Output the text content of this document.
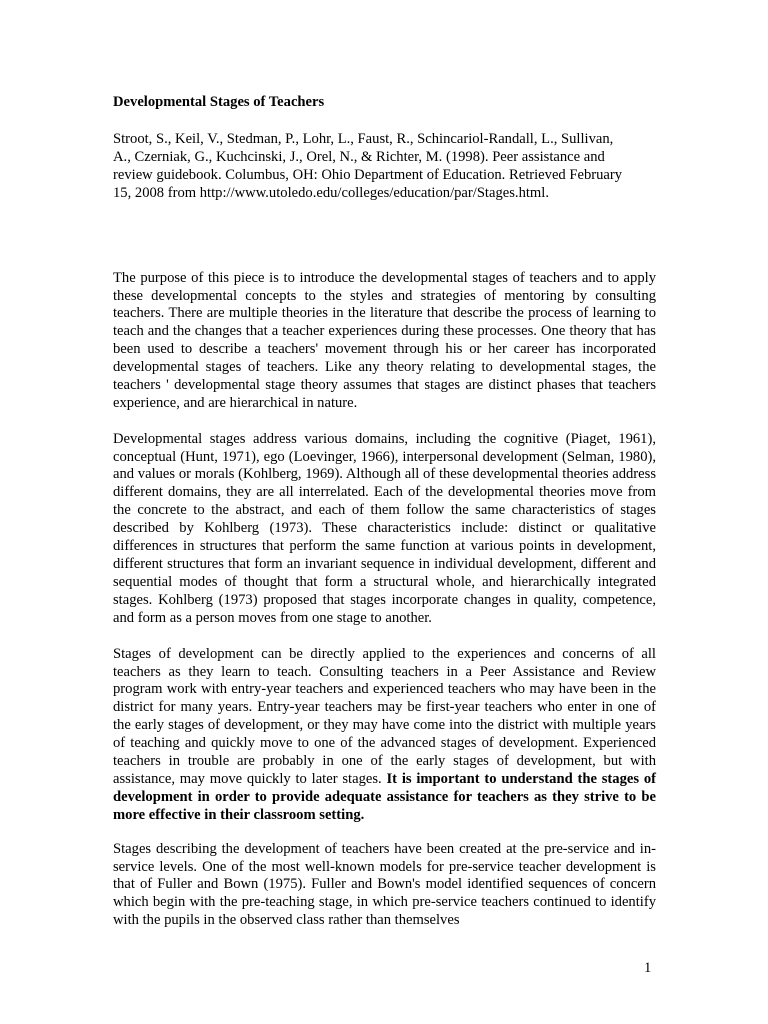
Developmental Stages of Teachers
Stroot, S., Keil, V., Stedman, P., Lohr, L., Faust, R., Schincariol-Randall, L., Sullivan,
A., Czerniak, G., Kuchcinski, J., Orel, N., & Richter, M. (1998). Peer assistance and
review guidebook. Columbus, OH: Ohio Department of Education. Retrieved February
15, 2008 from http://www.utoledo.edu/colleges/education/par/Stages.html.

The purpose of this piece is to introduce the developmental stages of teachers and to apply these developmental concepts to the styles and strategies of mentoring by consulting teachers. There are multiple theories in the literature that describe the process of learning to teach and the changes that a teacher experiences during these processes. One theory that has been used to describe a teachers' movement through his or her career has incorporated developmental stages of teachers. Like any theory relating to developmental stages, the teachers ' developmental stage theory assumes that stages are distinct phases that teachers experience, and are hierarchical in nature.

Developmental stages address various domains, including the cognitive (Piaget, 1961), conceptual (Hunt, 1971), ego (Loevinger, 1966), interpersonal development (Selman, 1980), and values or morals (Kohlberg, 1969). Although all of these developmental theories address different domains, they are all interrelated. Each of the developmental theories move from the concrete to the abstract, and each of them follow the same characteristics of stages described by Kohlberg (1973). These characteristics include: distinct or qualitative differences in structures that perform the same function at various points in development, different structures that form an invariant sequence in individual development, different and sequential modes of thought that form a structural whole, and hierarchically integrated stages. Kohlberg (1973) proposed that stages incorporate changes in quality, competence, and form as a person moves from one stage to another.

Stages of development can be directly applied to the experiences and concerns of all teachers as they learn to teach. Consulting teachers in a Peer Assistance and Review program work with entry-year teachers and experienced teachers who may have been in the district for many years. Entry-year teachers may be first-year teachers who enter in one of the early stages of development, or they may have come into the district with multiple years of teaching and quickly move to one of the advanced stages of development. Experienced teachers in trouble are probably in one of the early stages of development, but with assistance, may move quickly to later stages. It is important to understand the stages of development in order to provide adequate assistance for teachers as they strive to be more effective in their classroom setting.

Stages describing the development of teachers have been created at the pre-service and in-service levels. One of the most well-known models for pre-service teacher development is that of Fuller and Bown (1975). Fuller and Bown's model identified sequences of concern which begin with the pre-teaching stage, in which pre-service teachers continued to identify with the pupils in the observed class rather than themselves

1
